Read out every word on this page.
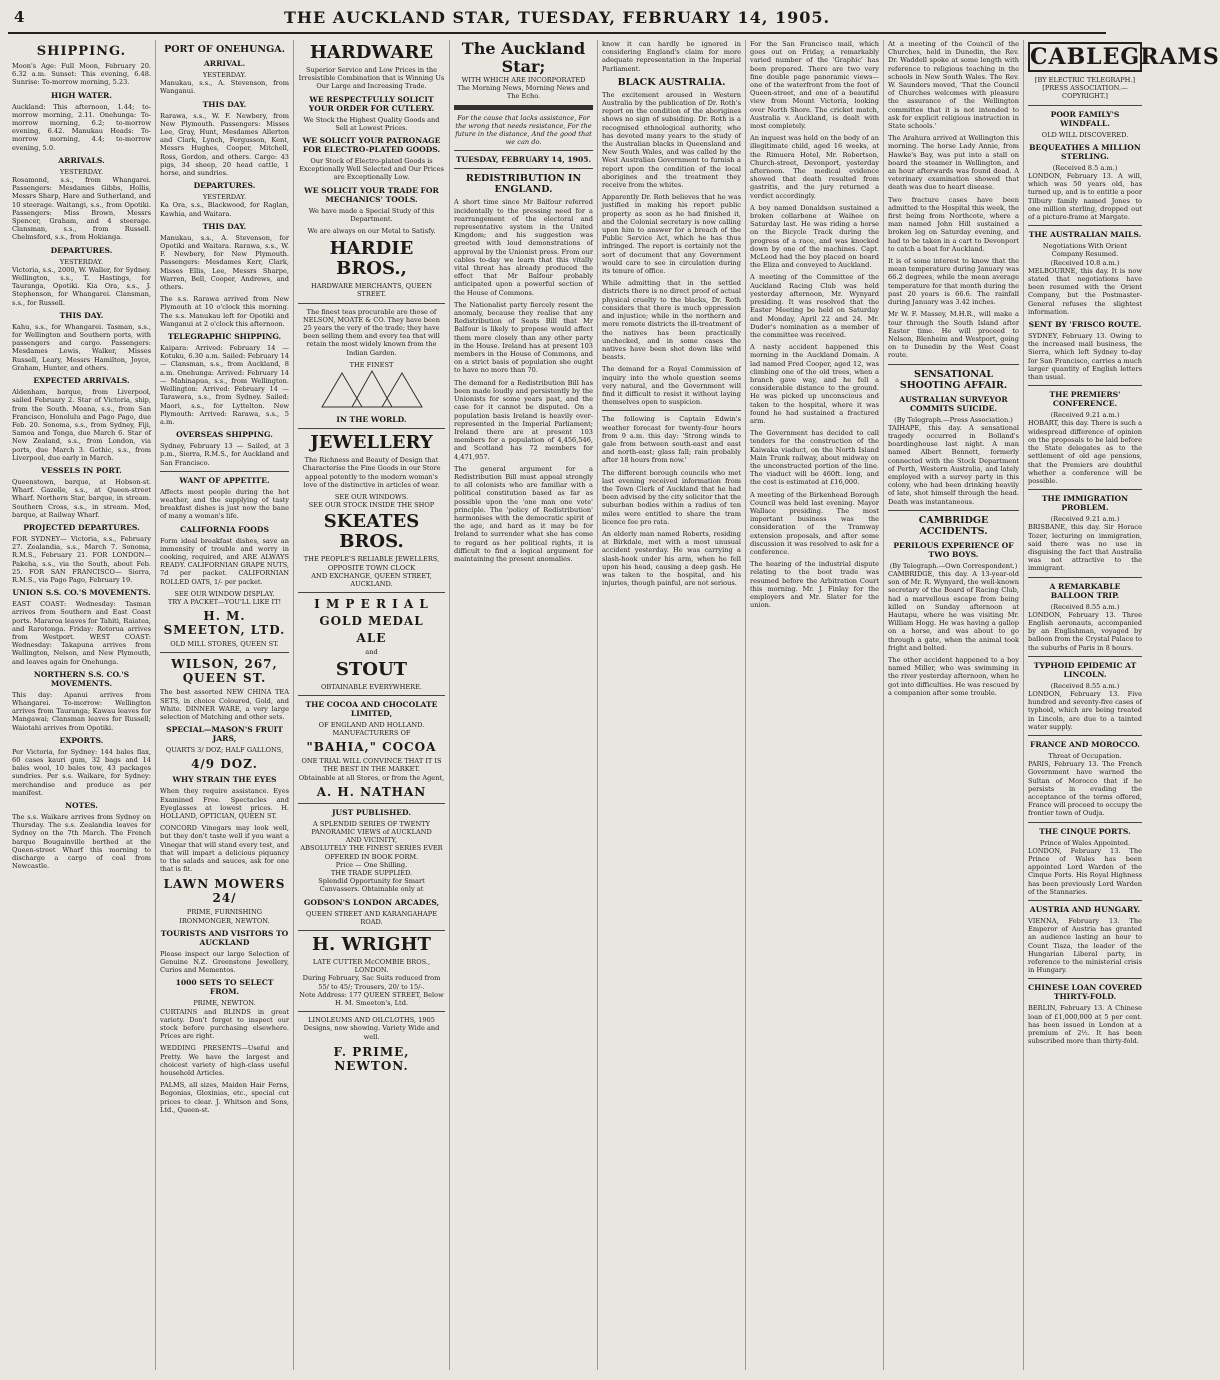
4	THE AUCKLAND STAR, TUESDAY, FEBRUARY 14, 1905.
SHIPPING.

Moon's Age: Full Moon, February 20. 6.32 a.m. Sunset: This evening, 6.48. Sunrise: To-morrow morning, 5.23.

HIGH WATER.

Auckland: This afternoon, 1.44; to-morrow morning, 2.11. Onehunga: To-morrow morning, 6.2; to-morrow evening, 6.42. Manukau Heads: To-morrow morning, 4.4; to-morrow evening, 5.0.

ARRIVALS.
YESTERDAY.

Rosamond, s.s., from Whangarei. Passengers: Mesdames Gibbs, Hollis, Messrs Sharp, Hare and Sutherland, and 10 steerage. Waitangi, s.s., from Opotiki. Passengers: Miss Brown, Messrs Spencer, Graham, and 4 steerage. Clansman, s.s., from Russell. Chelmsford, s.s., from Hokianga.

DEPARTURES.
YESTERDAY.

Victoria, s.s., 2000, W. Waller, for Sydney. Wellington, s.s., T. Hastings, for Tauranga, Opotiki. Kia Ora, s.s., J. Stephenson, for Whangarei. Clansman, s.s., for Russell.

THIS DAY.

Kahu, s.s., for Whangarei. Tasman, s.s., for Wellington and Southern ports, with passengers and cargo. Passengers: Mesdames Lewis, Walker, Misses Russell, Leary, Messrs Hamilton, Joyce, Graham, Hunter, and others.

EXPECTED ARRIVALS.

Aldenham, barque, from Liverpool, sailed February 2. Star of Victoria, ship, from the South. Moana, s.s., from San Francisco, Honolulu and Pago Pago, due Feb. 20. Sonoma, s.s., from Sydney, Fiji, Samoa and Tonga, due March 6. Star of New Zealand, s.s., from London, via ports, due March 3. Gothic, s.s., from Liverpool, due early in March.

VESSELS IN PORT.

Queenstown, barque, at Hobson-st. Wharf. Gazelle, s.s., at Queen-street Wharf. Northern Star, barque, in stream. Southern Cross, s.s., in stream. Mod, barque, at Railway Wharf.

PROJECTED DEPARTURES.

FOR SYDNEY— Victoria, s.s., February 27. Zealandia, s.s., March 7. Sonoma, R.M.S., February 21. FOR LONDON— Pakeha, s.s., via the South, about Feb. 25. FOR SAN FRANCISCO— Sierra, R.M.S., via Pago Pago, February 19.

UNION S.S. CO.'S MOVEMENTS.

EAST COAST: Wednesday: Tasman arrives from Southern and East Coast ports. Mararoa leaves for Tahiti, Raiatea, and Rarotonga. Friday: Rotorua arrives from Westport. WEST COAST: Wednesday: Takapuna arrives from Wellington, Nelson, and New Plymouth, and leaves again for Onehunga.

NORTHERN S.S. CO.'S MOVEMENTS.

This day: Apanui arrives from Whangarei. To-morrow: Wellington arrives from Tauranga; Kawau leaves for Mangawai; Clansman leaves for Russell; Waiotahi arrives from Opotiki.

EXPORTS.

Per Victoria, for Sydney: 144 bales flax, 60 cases kauri gum, 32 bags and 14 bales wool, 10 bales tow, 43 packages sundries. Per s.s. Waikare, for Sydney: merchandise and produce as per manifest.

NOTES.

The s.s. Waikare arrives from Sydney on Thursday. The s.s. Zealandia leaves for Sydney on the 7th March. The French barque Bougainville berthed at the Queen-street Wharf this morning to discharge a cargo of coal from Newcastle.

PORT OF ONEHUNGA.
ARRIVAL.
YESTERDAY.

Manukau, s.s., A. Stevenson, from Wanganui.

THIS DAY.

Rarawa, s.s., W. F. Newbery, from New Plymouth. Passengers: Misses Lee, Gray, Hunt, Mesdames Allerton and Clark, Lynch, Fergusson, Kent, Messrs Hughes, Cooper, Mitchell, Ross, Gordon, and others. Cargo: 43 pigs, 34 sheep, 20 head cattle, 1 horse, and sundries.

DEPARTURES.
YESTERDAY.

Ka Ora, s.s., Blackwood, for Raglan, Kawhia, and Waitara.

THIS DAY.

Manukau, s.s., A. Stevenson, for Opotiki and Waitara. Rarawa, s.s., W. F. Newbery, for New Plymouth. Passengers: Mesdames Kerr, Clark, Misses Ellis, Lee, Messrs Sharpe, Warren, Bell, Cooper, Andrews, and others.

The s.s. Rarawa arrived from New Plymouth at 10 o'clock this morning. The s.s. Manukau left for Opotiki and Wanganui at 2 o'clock this afternoon.

TELEGRAPHIC SHIPPING.

Kaipara: Arrived: February 14 — Kotuku, 6.30 a.m. Sailed: February 14 — Clansman, s.s., from Auckland, 8 a.m. Onehunga: Arrived: February 14 — Mahinapua, s.s., from Wellington. Wellington: Arrived: February 14 — Tarawera, s.s., from Sydney. Sailed: Maori, s.s., for Lyttelton. New Plymouth: Arrived: Rarawa, s.s., 5 a.m.

OVERSEAS SHIPPING.

Sydney, February 13 — Sailed, at 3 p.m., Sierra, R.M.S., for Auckland and San Francisco.

WANT OF APPETITE.

Affects most people during the hot weather, and the supplying of tasty breakfast dishes is just now the bane of many a woman's life.

CALIFORNIA FOODS

Form ideal breakfast dishes, save an immensity of trouble and worry in cooking, required, and ARE ALWAYS READY. CALIFORNIAN GRAPE NUTS, 7d per packet. CALIFORNIAN ROLLED OATS, 1/- per packet.

SEE OUR WINDOW DISPLAY.
TRY A PACKET—YOU'LL LIKE IT!
H. M. SMEETON, LTD.
OLD MILL STORES, QUEEN ST.
WILSON, 267, QUEEN ST.

The best assorted NEW CHINA TEA SETS, in choice Coloured, Gold, and White. DINNER WARE, a very large selection of Matching and other sets.

SPECIAL—MASON'S FRUIT JARS,
QUARTS 3/ DOZ; HALF GALLONS,
4/9 DOZ.
WHY STRAIN THE EYES

When they require assistance. Eyes Examined Free. Spectacles and Eyeglasses at lowest prices. H. HOLLAND, OPTICIAN, QUEEN ST.

CONCORD Vinegars may look well, but they don't taste well if you want a Vinegar that will stand every test, and that will impart a delicious piquancy to the salads and sauces, ask for one that is fit.

LAWN MOWERS 24/
PRIME, FURNISHING IRONMONGER, NEWTON.
TOURISTS AND VISITORS TO AUCKLAND

Please inspect our large Selection of Genuine N.Z. Greenstone Jewellery, Curios and Mementos.

1000 SETS TO SELECT FROM.
PRIME, NEWTON.

CURTAINS and BLINDS in great variety. Don't forget to inspect our stock before purchasing elsewhere. Prices are right.

WEDDING PRESENTS—Useful and Pretty. We have the largest and choicest variety of high-class useful household Articles.

PALMS, all sizes, Maiden Hair Ferns, Begonias, Gloxinias, etc., special cut prices to clear. J. Whitson and Sons, Ltd., Queen-st.

HARDWARE

Superior Service and Low Prices in the Irresistible Combination that is Winning Us Our Large and Increasing Trade.

WE RESPECTFULLY SOLICIT YOUR ORDER FOR CUTLERY.

We Stock the Highest Quality Goods and Sell at Lowest Prices.

WE SOLICIT YOUR PATRONAGE FOR ELECTRO-PLATED GOODS.

Our Stock of Electro-plated Goods is Exceptionally Well Selected and Our Prices are Exceptionally Low.

WE SOLICIT YOUR TRADE FOR MECHANICS' TOOLS.

We have made a Special Study of this Department.

We are always on our Metal to Satisfy.

HARDIE BROS.,
HARDWARE MERCHANTS, QUEEN STREET.

The finest teas procurable are those of NELSON, MOATE & CO. They have been 25 years the very of the trade; they have been selling them and every tea that will retain the most widely known from the Indian Garden.

THE FINEST
IN THE WORLD.
JEWELLERY

The Richness and Beauty of Design that Characterise the Fine Goods in our Store appeal potently to the modern woman's love of the distinctive in articles of wear.

SEE OUR WINDOWS.
SEE OUR STOCK INSIDE THE SHOP
SKEATES BROS.
THE PEOPLE'S RELIABLE JEWELLERS, OPPOSITE TOWN CLOCK
AND EXCHANGE, QUEEN STREET, AUCKLAND.
I M P E R I A L
GOLD MEDAL
ALE
and
STOUT
OBTAINABLE EVERYWHERE.
THE COCOA AND CHOCOLATE LIMITED,
OF ENGLAND AND HOLLAND.
MANUFACTURERS OF
"BAHIA," COCOA
ONE TRIAL WILL CONVINCE THAT IT IS THE BEST IN THE MARKET.
Obtainable at all Stores, or from the Agent,
A. H. NATHAN
JUST PUBLISHED.
A SPLENDID SERIES OF TWENTY PANORAMIC VIEWS of AUCKLAND
AND VICINITY,
ABSOLUTELY THE FINEST SERIES EVER OFFERED IN BOOK FORM.
Price — One Shilling.
THE TRADE SUPPLIED.
Splendid Opportunity for Smart Canvassers. Obtainable only at
GODSON'S LONDON ARCADES,
QUEEN STREET AND KARANGAHAPE ROAD.
H. WRIGHT
LATE CUTTER McCOMBIE BROS., LONDON.
During February, Sac Suits reduced from 55/ to 45/; Trousers, 20/ to 15/-.
Note Address: 177 QUEEN STREET, Below H. M. Smeeton's, Ltd.

LINOLEUMS AND OILCLOTHS, 1905 Designs, now showing. Variety Wide and well.

F. PRIME, NEWTON.
The Auckland Star;
WITH WHICH ARE INCORPORATED
The Morning News, Morning News and The Echo.

For the cause that lacks assistance, For the wrong that needs resistance, For the future in the distance, And the good that we can do.

TUESDAY, FEBRUARY 14, 1905.
REDISTRIBUTION IN ENGLAND.

A short time since Mr Balfour referred incidentally to the pressing need for a rearrangement of the electoral and representative system in the United Kingdom; and his suggestion was greeted with loud demonstrations of approval by the Unionist press. From our cables to-day we learn that this vitally vital threat has already produced the effect that Mr Balfour probably anticipated upon a powerful section of the House of Commons.

The Nationalist party fiercely resent the anomaly, because they realise that any Redistribution of Seats Bill that Mr Balfour is likely to propose would affect them more closely than any other party in the House. Ireland has at present 103 members in the House of Commons, and on a strict basis of population she ought to have no more than 70.

The demand for a Redistribution Bill has been made loudly and persistently by the Unionists for some years past, and the case for it cannot be disputed. On a population basis Ireland is heavily over-represented in the Imperial Parliament; Ireland there are at present 103 members for a population of 4,456,546, and Scotland has 72 members for 4,471,957.

The general argument for a Redistribution Bill must appeal strongly to all colonists who are familiar with a political constitution based as far as possible upon the 'one man one vote' principle. The 'policy of Redistribution' harmonises with the democratic spirit of the age, and hard as it may be for Ireland to surrender what she has come to regard as her political rights, it is difficult to find a logical argument for maintaining the present anomalies.

know it can hardly be ignored in considering England's claim for more adequate representation in the Imperial Parliament.

BLACK AUSTRALIA.

The excitement aroused in Western Australia by the publication of Dr. Roth's report on the condition of the aborigines shows no sign of subsiding. Dr. Roth is a recognised ethnological authority, who has devoted many years to the study of the Australian blacks in Queensland and New South Wales, and was called by the West Australian Government to furnish a report upon the condition of the local aborigines and the treatment they receive from the whites.

Apparently Dr. Roth believes that he was justified in making his report public property as soon as he had finished it, and the Colonial secretary is now calling upon him to answer for a breach of the Public Service Act, which he has thus infringed. The report is certainly not the sort of document that any Government would care to see in circulation during its tenure of office.

While admitting that in the settled districts there is no direct proof of actual physical cruelty to the blacks, Dr. Roth considers that there is much oppression and injustice; while in the northern and more remote districts the ill-treatment of the natives has been practically unchecked, and in some cases the natives have been shot down like wild beasts.

The demand for a Royal Commission of inquiry into the whole question seems very natural, and the Government will find it difficult to resist it without laying themselves open to suspicion.

The following is Captain Edwin's weather forecast for twenty-four hours from 9 a.m. this day: 'Strong winds to gale from between south-east and east and north-east; glass fall; rain probably after 18 hours from now.'

The different borough councils who met last evening received information from the Town Clerk of Auckland that he had been advised by the city solicitor that the suburban bodies within a radius of ten miles were entitled to share the tram licence fee pro rata.

An elderly man named Roberts, residing at Birkdale, met with a most unusual accident yesterday. He was carrying a slash-hook under his arm, when he fell upon his head, causing a deep gash. He was taken to the hospital, and his injuries, though painful, are not serious.

For the San Francisco mail, which goes out on Friday, a remarkably varied number of the 'Graphic' has been prepared. There are two very fine double page panoramic views—one of the waterfront from the foot of Queen-street, and one of a beautiful view from Mount Victoria, looking over North Shore. The cricket match, Australia v. Auckland, is dealt with most completely.

An inquest was held on the body of an illegitimate child, aged 16 weeks, at the Rimuera Hotel, Mr. Robertson, Church-street, Devonport, yesterday afternoon. The medical evidence showed that death resulted from gastritis, and the jury returned a verdict accordingly.

A boy named Donaldson sustained a broken collarbone at Waihee on Saturday last. He was riding a horse on the Bicycle Track during the progress of a race, and was knocked down by one of the machines. Capt. McLeod had the boy placed on board the Eliza and conveyed to Auckland.

A meeting of the Committee of the Auckland Racing Club was held yesterday afternoon, Mr. Wynyard presiding. It was resolved that the Easter Meeting be held on Saturday and Monday, April 22 and 24. Mr. Duder's nomination as a member of the committee was received.

A nasty accident happened this morning in the Auckland Domain. A lad named Fred Cooper, aged 12, was climbing one of the old trees, when a branch gave way, and he fell a considerable distance to the ground. He was picked up unconscious and taken to the hospital, where it was found he had sustained a fractured arm.

The Government has decided to call tenders for the construction of the Kaiwaka viaduct, on the North Island Main Trunk railway, about midway on the unconstructed portion of the line. The viaduct will be 460ft. long, and the cost is estimated at £16,000.

A meeting of the Birkenhead Borough Council was held last evening. Mayor Wallace presiding. The most important business was the consideration of the Tramway extension proposals, and after some discussion it was resolved to ask for a conference.

The hearing of the industrial dispute relating to the boot trade was resumed before the Arbitration Court this morning. Mr. J. Finlay for the employers and Mr. Slater for the union.

At a meeting of the Council of the Churches, held in Dunedin, the Rev. Dr. Waddell spoke at some length with reference to religious teaching in the schools in New South Wales. The Rev. W. Saunders moved, 'That the Council of Churches welcomes with pleasure the assurance of the Wellington committee that it is not intended to ask for explicit religious instruction in State schools.'

The Arahura arrived at Wellington this morning. The horse Lady Annie, from Hawke's Bay, was put into a stall on board the steamer in Wellington, and an hour afterwards was found dead. A veterinary examination showed that death was due to heart disease.

Two fracture cases have been admitted to the Hospital this week, the first being from Northcote, where a man named John Hill sustained a broken leg on Saturday evening, and had to be taken in a cart to Devonport to catch a boat for Auckland.

It is of some interest to know that the mean temperature during January was 66.2 degrees, while the mean average temperature for that month during the past 20 years is 66.6. The rainfall during January was 3.42 inches.

Mr W. F. Massey, M.H.R., will make a tour through the South Island after Easter time. He will proceed to Nelson, Blenheim and Westport, going on to Dunedin by the West Coast route.

SENSATIONAL SHOOTING AFFAIR.
AUSTRALIAN SURVEYOR COMMITS SUICIDE.
(By Telegraph.—Press Association.)

TAIHAPE, this day. A sensational tragedy occurred in Bolland's boardinghouse last night. A man named Albert Bennett, formerly connected with the Stock Department of Perth, Western Australia, and lately employed with a survey party in this colony, who had been drinking heavily of late, shot himself through the head. Death was instantaneous.

CAMBRIDGE ACCIDENTS.
PERILOUS EXPERIENCE OF TWO BOYS.
(By Telegraph.—Own Correspondent.)

CAMBRIDGE, this day. A 13-year-old son of Mr. R. Wynyard, the well-known secretary of the Board of Racing Club, had a marvellous escape from being killed on Sunday afternoon at Hautapu, where he was visiting Mr. William Hogg. He was having a gallop on a horse, and was about to go through a gate, when the animal took fright and bolted.

The other accident happened to a boy named Miller, who was swimming in the river yesterday afternoon, when he got into difficulties. He was rescued by a companion after some trouble.

CABLEGRAMS
[BY ELECTRIC TELEGRAPH.]
[PRESS ASSOCIATION.—COPYRIGHT.]
POOR FAMILY'S WINDFALL.
OLD WILL DISCOVERED.
BEQUEATHES A MILLION STERLING.
(Received 8.5 a.m.)

LONDON, February 13. A will, which was 50 years old, has turned up, and is to entitle a poor Tilbury family named Jones to one million sterling, dropped out of a picture-frame at Margate.

THE AUSTRALIAN MAILS.
Negotiations With Orient Company Resumed.
(Received 10.8 a.m.)

MELBOURNE, this day. It is now stated that negotiations have been resumed with the Orient Company, but the Postmaster-General refuses the slightest information.

SENT BY 'FRISCO ROUTE.

SYDNEY, February 13. Owing to the increased mail business, the Sierra, which left Sydney to-day for San Francisco, carries a much larger quantity of English letters than usual.

THE PREMIERS' CONFERENCE.
(Received 9.21 a.m.)

HOBART, this day. There is such a widespread difference of opinion on the proposals to be laid before the State delegates as to the settlement of old age pensions, that the Premiers are doubtful whether a conference will be possible.

THE IMMIGRATION PROBLEM.
(Received 9.21 a.m.)

BRISBANE, this day. Sir Horace Tozer, lecturing on immigration, said there was no use in disguising the fact that Australia was not attractive to the immigrant.

A REMARKABLE BALLOON TRIP.
(Received 8.55 a.m.)

LONDON, February 13. Three English aeronauts, accompanied by an Englishman, voyaged by balloon from the Crystal Palace to the suburbs of Paris in 8 hours.

TYPHOID EPIDEMIC AT LINCOLN.
(Received 8.55 a.m.)

LONDON, February 13. Five hundred and seventy-five cases of typhoid, which are being treated in Lincoln, are due to a tainted water supply.

FRANCE AND MOROCCO.
Threat of Occupation.

PARIS, February 13. The French Government have warned the Sultan of Morocco that if he persists in evading the acceptance of the terms offered, France will proceed to occupy the frontier town of Oudja.

THE CINQUE PORTS.
Prince of Wales Appointed.

LONDON, February 13. The Prince of Wales has been appointed Lord Warden of the Cinque Ports. His Royal Highness has been previously Lord Warden of the Stannaries.

AUSTRIA AND HUNGARY.

VIENNA, February 13. The Emperor of Austria has granted an audience lasting an hour to Count Tisza, the leader of the Hungarian Liberal party, in reference to the ministerial crisis in Hungary.

CHINESE LOAN COVERED THIRTY-FOLD.

BERLIN, February 13. A Chinese loan of £1,000,000 at 5 per cent. has been issued in London at a premium of 2½. It has been subscribed more than thirty-fold.
